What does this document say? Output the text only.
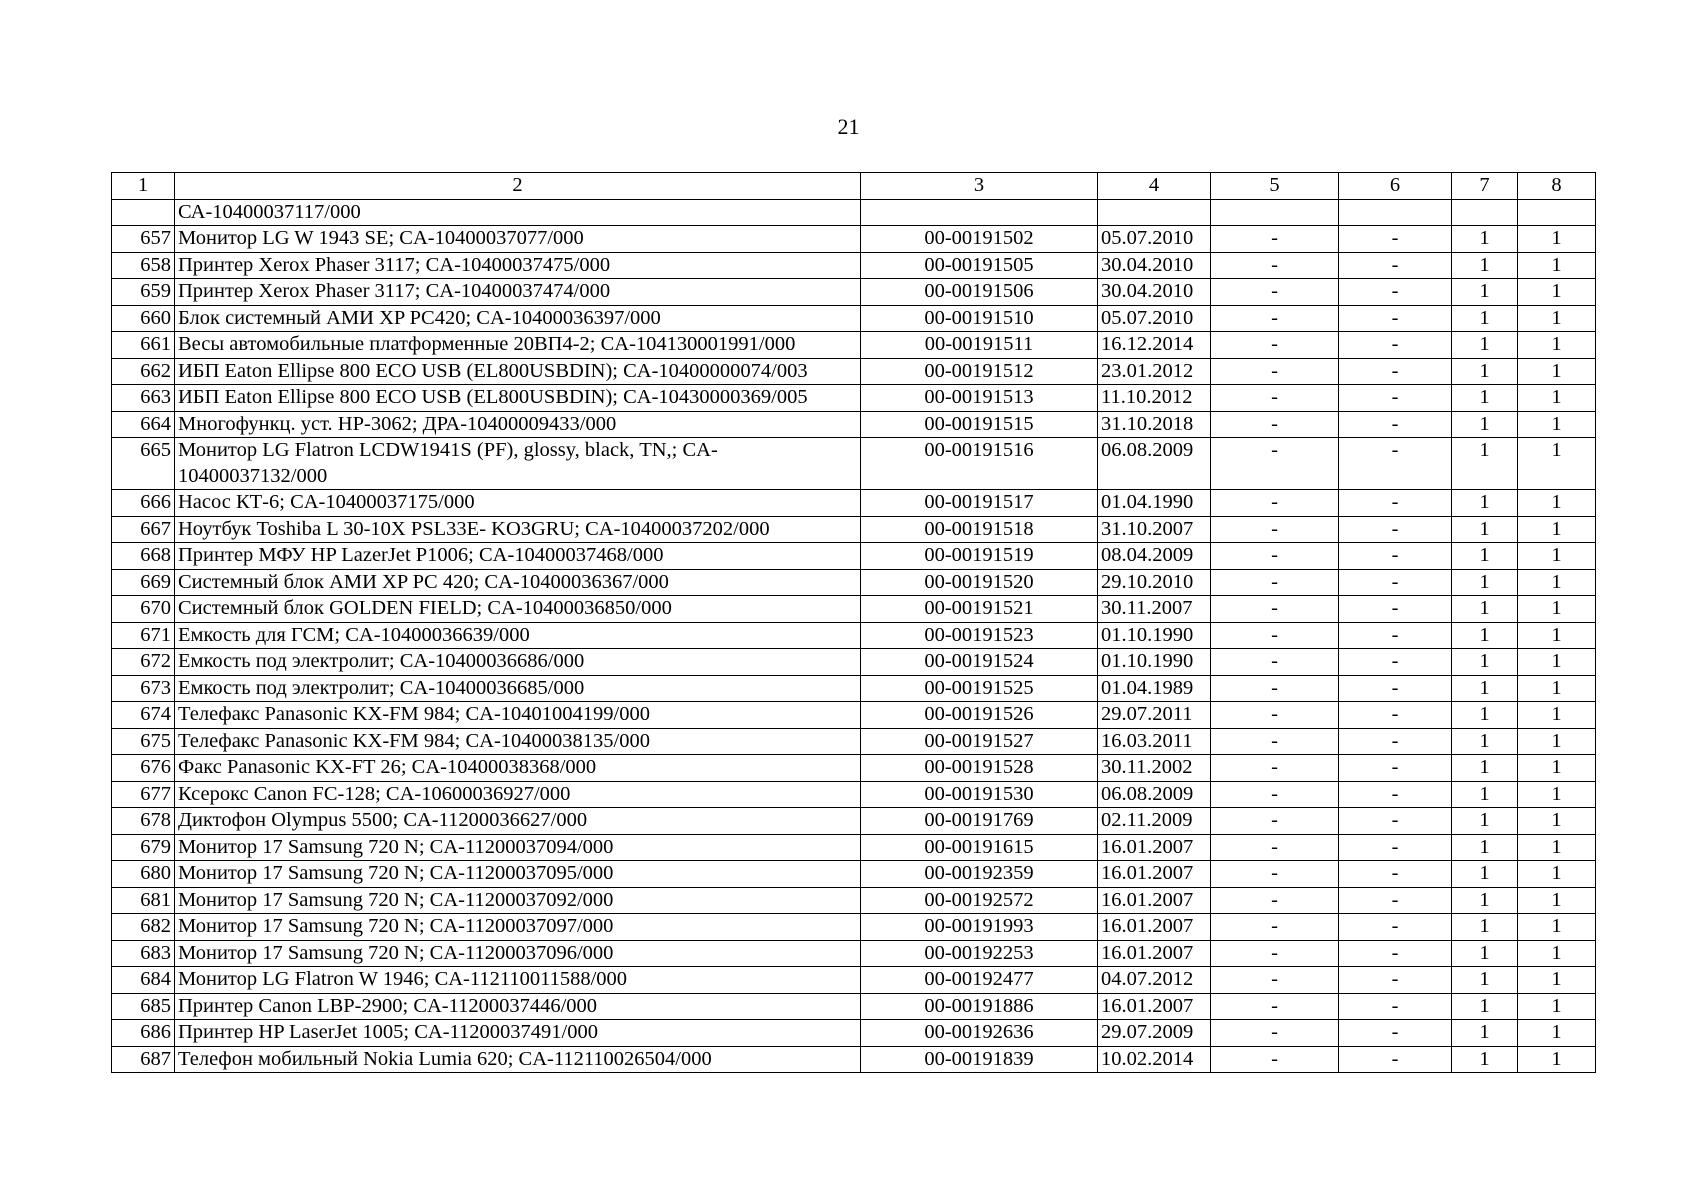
21
1	2	3	4	5	6	7	8
	СА-10400037117/000						
657	Монитор LG W 1943 SE; CA-10400037077/000	00-00191502	05.07.2010	-	-	1	1
658	Принтер Xerox Phaser 3117; CA-10400037475/000	00-00191505	30.04.2010	-	-	1	1
659	Принтер Xerox Phaser 3117; CA-10400037474/000	00-00191506	30.04.2010	-	-	1	1
660	Блок системный АМИ XP PC420; CA-10400036397/000	00-00191510	05.07.2010	-	-	1	1
661	Весы автомобильные платформенные 20ВП4-2; CA-104130001991/000	00-00191511	16.12.2014	-	-	1	1
662	ИБП Eaton Ellipse 800 ECO USB (EL800USBDIN); CA-10400000074/003	00-00191512	23.01.2012	-	-	1	1
663	ИБП Eaton Ellipse 800 ECO USB (EL800USBDIN); CA-10430000369/005	00-00191513	11.10.2012	-	-	1	1
664	Многофункц. уст. HP-3062; ДРА-10400009433/000	00-00191515	31.10.2018	-	-	1	1
665	Монитор LG Flatron LCDW1941S (PF), glossy, black, TN,; CA-10400037132/000	00-00191516	06.08.2009	-	-	1	1
666	Насос КТ-6; CA-10400037175/000	00-00191517	01.04.1990	-	-	1	1
667	Ноутбук Toshiba L 30-10X PSL33E- KO3GRU; CA-10400037202/000	00-00191518	31.10.2007	-	-	1	1
668	Принтер МФУ HP LazerJet P1006; CA-10400037468/000	00-00191519	08.04.2009	-	-	1	1
669	Системный блок АМИ XP PC 420; CA-10400036367/000	00-00191520	29.10.2010	-	-	1	1
670	Системный блок GOLDEN FIELD; CA-10400036850/000	00-00191521	30.11.2007	-	-	1	1
671	Емкость для ГСМ; CA-10400036639/000	00-00191523	01.10.1990	-	-	1	1
672	Емкость под электролит; CA-10400036686/000	00-00191524	01.10.1990	-	-	1	1
673	Емкость под электролит; CA-10400036685/000	00-00191525	01.04.1989	-	-	1	1
674	Телефакс Panasonic KX-FM 984; CA-10401004199/000	00-00191526	29.07.2011	-	-	1	1
675	Телефакс Panasonic KX-FM 984; CA-10400038135/000	00-00191527	16.03.2011	-	-	1	1
676	Факс Panasonic KX-FT 26; CA-10400038368/000	00-00191528	30.11.2002	-	-	1	1
677	Ксерокс Canon FC-128; CA-10600036927/000	00-00191530	06.08.2009	-	-	1	1
678	Диктофон Olympus 5500; CA-11200036627/000	00-00191769	02.11.2009	-	-	1	1
679	Монитор 17 Samsung 720 N; CA-11200037094/000	00-00191615	16.01.2007	-	-	1	1
680	Монитор 17 Samsung 720 N; CA-11200037095/000	00-00192359	16.01.2007	-	-	1	1
681	Монитор 17 Samsung 720 N; CA-11200037092/000	00-00192572	16.01.2007	-	-	1	1
682	Монитор 17 Samsung 720 N; CA-11200037097/000	00-00191993	16.01.2007	-	-	1	1
683	Монитор 17 Samsung 720 N; CA-11200037096/000	00-00192253	16.01.2007	-	-	1	1
684	Монитор LG Flatron W 1946; CA-112110011588/000	00-00192477	04.07.2012	-	-	1	1
685	Принтер Canon LBP-2900; CA-11200037446/000	00-00191886	16.01.2007	-	-	1	1
686	Принтер HP LaserJet 1005; CA-11200037491/000	00-00192636	29.07.2009	-	-	1	1
687	Телефон мобильный Nokia Lumia 620; CA-112110026504/000	00-00191839	10.02.2014	-	-	1	1
